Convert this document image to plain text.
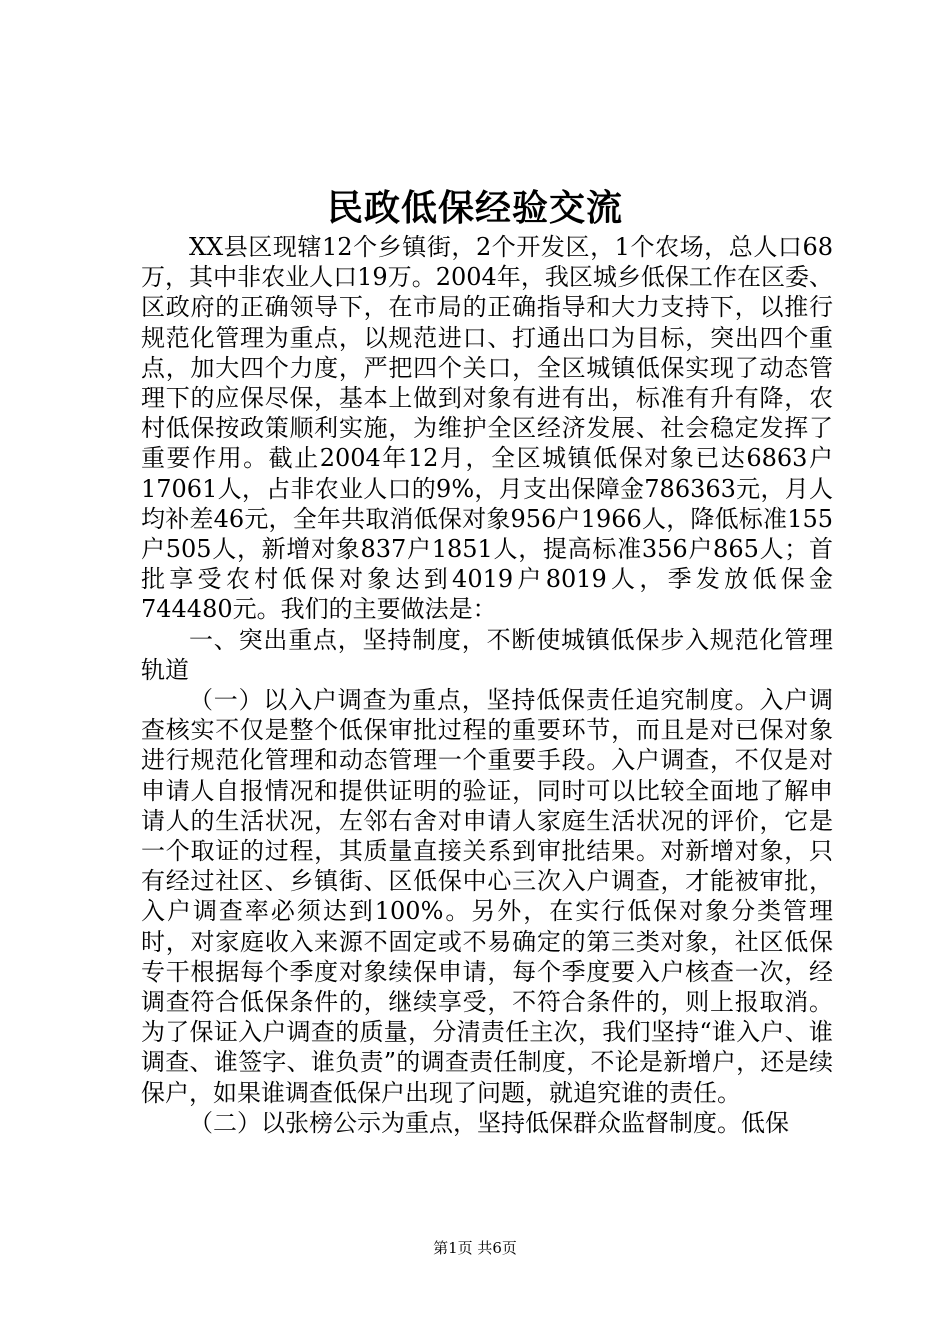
民政低保经验交流

XX县区现辖12个乡镇街，2个开发区，1个农场，总人口68万，其中非农业人口19万。2004年，我区城乡低保工作在区委、区政府的正确领导下，在市局的正确指导和大力支持下，以推行规范化管理为重点，以规范进口、打通出口为目标，突出四个重点，加大四个力度，严把四个关口，全区城镇低保实现了动态管理下的应保尽保，基本上做到对象有进有出，标准有升有降，农村低保按政策顺利实施，为维护全区经济发展、社会稳定发挥了重要作用。截止2004年12月，全区城镇低保对象已达6863户17061人，占非农业人口的9%，月支出保障金786363元，月人均补差46元，全年共取消低保对象956户1966人，降低标准155户505人，新增对象837户1851人，提高标准356户865人；首批享受农村低保对象达到4019户8019人，季发放低保金744480元。我们的主要做法是：

一、突出重点，坚持制度，不断使城镇低保步入规范化管理轨道

（一）以入户调查为重点，坚持低保责任追究制度。入户调查核实不仅是整个低保审批过程的重要环节，而且是对已保对象进行规范化管理和动态管理一个重要手段。入户调查，不仅是对申请人自报情况和提供证明的验证，同时可以比较全面地了解申请人的生活状况，左邻右舍对申请人家庭生活状况的评价，它是一个取证的过程，其质量直接关系到审批结果。对新增对象，只有经过社区、乡镇街、区低保中心三次入户调查，才能被审批，入户调查率必须达到100%。另外，在实行低保对象分类管理时，对家庭收入来源不固定或不易确定的第三类对象，社区低保专干根据每个季度对象续保申请，每个季度要入户核查一次，经调查符合低保条件的，继续享受，不符合条件的，则上报取消。为了保证入户调查的质量，分清责任主次，我们坚持“谁入户、谁调查、谁签字、谁负责”的调查责任制度，不论是新增户，还是续保户，如果谁调查低保户出现了问题，就追究谁的责任。

（二）以张榜公示为重点，坚持低保群众监督制度。低保

第1页 共6页
